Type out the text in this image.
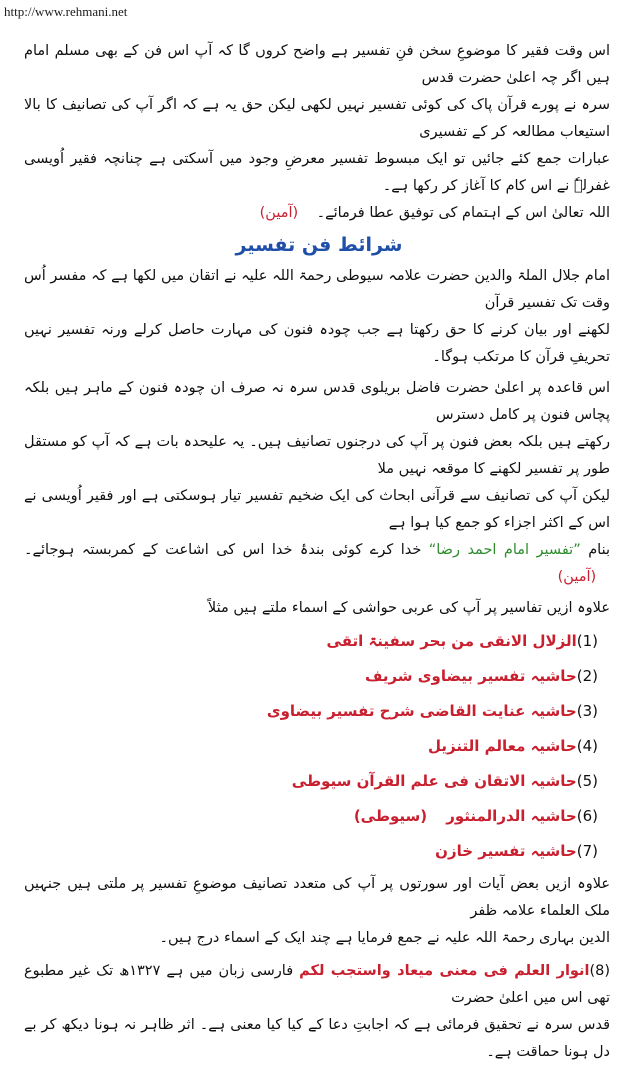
http://www.rehmani.net

اس وقت فقیر کا موضوعِ سخن فنِ تفسیر ہے واضح کروں گا کہ آپ اس فن کے بھی مسلم امام ہیں اگر چہ اعلیٰ حضرت قدس

سرہ نے پورے قرآن پاک کی کوئی تفسیر نہیں لکھی لیکن حق یہ ہے کہ اگر آپ کی تصانیف کا بالا استیعاب مطالعہ کر کے تفسیری

عبارات جمع کئے جائیں تو ایک مبسوط تفسیر معرضِ وجود میں آسکتی ہے چنانچہ فقیر اُویسی غفرلہٗ نے اس کام کا آغاز کر رکھا ہے۔

اللہ تعالیٰ اس کے اہتمام کی توفیق عطا فرمائے۔    (آمین)

شرائط فن تفسیر

امام جلال الملۃ والدین حضرت علامہ سیوطی رحمۃ اللہ علیہ نے اتقان میں لکھا ہے کہ مفسر اُس وقت تک تفسیر قرآن

لکھنے اور بیان کرنے کا حق رکھتا ہے جب چودہ فنون کی مہارت حاصل کرلے ورنہ تفسیر نہیں تحریفِ قرآن کا مرتکب ہوگا۔

اس قاعدہ پر اعلیٰ حضرت فاضل بریلوی قدس سرہ نہ صرف ان چودہ فنون کے ماہر ہیں بلکہ پچاس فنون پر کامل دسترس

رکھتے ہیں بلکہ بعض فنون پر آپ کی درجنوں تصانیف ہیں۔ یہ علیحدہ بات ہے کہ آپ کو مستقل طور پر تفسیر لکھنے کا موقعہ نہیں ملا

لیکن آپ کی تصانیف سے قرآنی ابحاث کی ایک ضخیم تفسیر تیار ہوسکتی ہے اور فقیر اُویسی نے اس کے اکثر اجزاء کو جمع کیا ہوا ہے

بنام ”تفسیر امام احمد رضا“ خدا کرے کوئی بندۂ خدا اس کی اشاعت کے کمربستہ ہوجائے۔    (آمین)

علاوہ ازیں تفاسیر پر آپ کی عربی حواشی کے اسماء ملتے ہیں مثلاً

(1)الزلال الانقی من بحر سفینۃ اتقی
(2)حاشیہ تفسیر بیضاوی شریف
(3)حاشیہ عنایت القاضی شرح تفسیر بیضاوی
(4)حاشیہ معالم التنزیل
(5)حاشیہ الاتقان فی علم القرآن سیوطی
(6)حاشیہ الدرالمنثور    (سیوطی)
(7)حاشیہ تفسیر خازن

علاوہ ازیں بعض آیات اور سورتوں پر آپ کی متعدد تصانیف موضوعِ تفسیر پر ملتی ہیں جنہیں ملک العلماء علامہ ظفر

الدین بہاری رحمۃ اللہ علیہ نے جمع فرمایا ہے چند ایک کے اسماء درج ہیں۔

(8)انوار العلم فی معنی میعاد واستجب لکم فارسی زبان میں ہے ۱۳۲۷ھ تک غیر مطبوع تھی اس میں اعلیٰ حضرت

قدس سرہ نے تحقیق فرمائی ہے کہ اجابتِ دعا کے کیا کیا معنی ہے۔ اثر ظاہر نہ ہونا دیکھ کر بے دل ہونا حماقت ہے۔
